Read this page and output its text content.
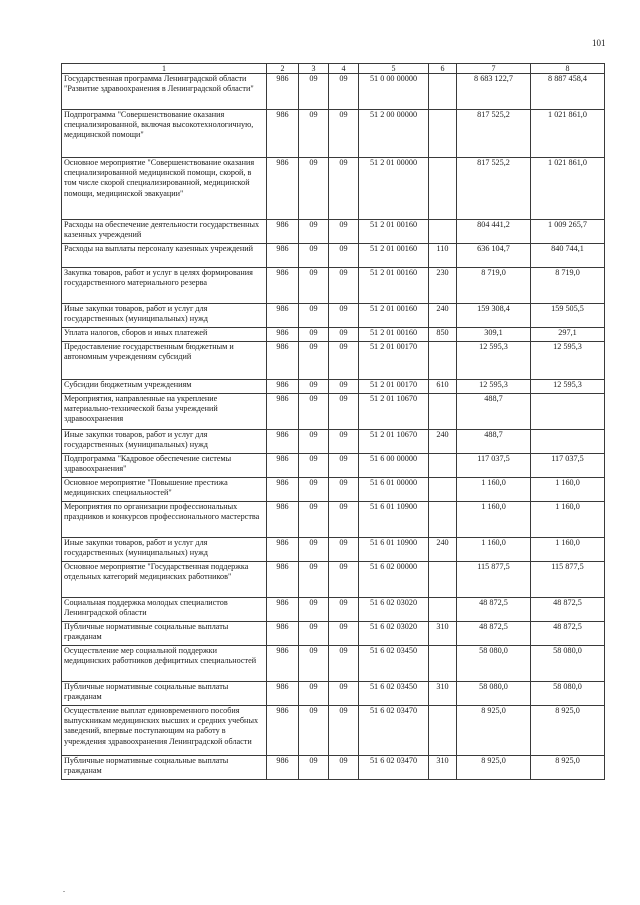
101
1	2	3	4	5	6	7	8
Государственная программа Ленинградской области "Развитие здравоохранения в Ленинградской области"	986	09	09	51 0 00 00000		8 683 122,7	8 887 458,4
Подпрограмма "Совершенствование оказания специализированной, включая высокотехнологичную, медицинской помощи"	986	09	09	51 2 00 00000		817 525,2	1 021 861,0
Основное мероприятие "Совершенствование оказания специализированной медицинской помощи, скорой, в том числе скорой специализированной, медицинской помощи, медицинской эвакуации"	986	09	09	51 2 01 00000		817 525,2	1 021 861,0
Расходы на обеспечение деятельности государственных казенных учреждений	986	09	09	51 2 01 00160		804 441,2	1 009 265,7
Расходы на выплаты персоналу казенных учреждений	986	09	09	51 2 01 00160	110	636 104,7	840 744,1
Закупка товаров, работ и услуг в целях формирования государственного материального резерва	986	09	09	51 2 01 00160	230	8 719,0	8 719,0
Иные закупки товаров, работ и услуг для государственных (муниципальных) нужд	986	09	09	51 2 01 00160	240	159 308,4	159 505,5
Уплата налогов, сборов и иных платежей	986	09	09	51 2 01 00160	850	309,1	297,1
Предоставление государственным бюджетным и автономным учреждениям субсидий	986	09	09	51 2 01 00170		12 595,3	12 595,3
Субсидии бюджетным учреждениям	986	09	09	51 2 01 00170	610	12 595,3	12 595,3
Мероприятия, направленные на укрепление материально-технической базы учреждений здравоохранения	986	09	09	51 2 01 10670		488,7	
Иные закупки товаров, работ и услуг для государственных (муниципальных) нужд	986	09	09	51 2 01 10670	240	488,7	
Подпрограмма "Кадровое обеспечение системы здравоохранения"	986	09	09	51 6 00 00000		117 037,5	117 037,5
Основное мероприятие "Повышение престижа медицинских специальностей"	986	09	09	51 6 01 00000		1 160,0	1 160,0
Мероприятия по организации профессиональных праздников и конкурсов профессионального мастерства	986	09	09	51 6 01 10900		1 160,0	1 160,0
Иные закупки товаров, работ и услуг для государственных (муниципальных) нужд	986	09	09	51 6 01 10900	240	1 160,0	1 160,0
Основное мероприятие "Государственная поддержка отдельных категорий медицинских работников"	986	09	09	51 6 02 00000		115 877,5	115 877,5
Социальная поддержка молодых специалистов Ленинградской области	986	09	09	51 6 02 03020		48 872,5	48 872,5
Публичные нормативные социальные выплаты гражданам	986	09	09	51 6 02 03020	310	48 872,5	48 872,5
Осуществление мер социальной поддержки медицинских работников дефицитных специальностей	986	09	09	51 6 02 03450		58 080,0	58 080,0
Публичные нормативные социальные выплаты гражданам	986	09	09	51 6 02 03450	310	58 080,0	58 080,0
Осуществление выплат единовременного пособия выпускникам медицинских высших и средних учебных заведений, впервые поступающим на работу в учреждения здравоохранения Ленинградской области	986	09	09	51 6 02 03470		8 925,0	8 925,0
Публичные нормативные социальные выплаты гражданам	986	09	09	51 6 02 03470	310	8 925,0	8 925,0
.
